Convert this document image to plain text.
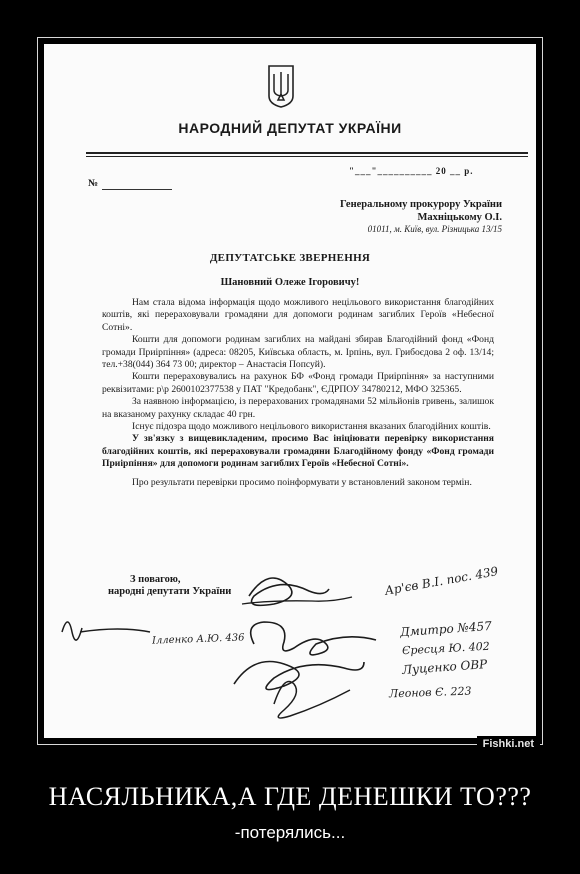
НАРОДНИЙ ДЕПУТАТ УКРАЇНИ
№
"___"__________ 20 __ р.
Генеральному прокурору України
Махніцькому О.І.
01011, м. Київ, вул. Різницька 13/15
ДЕПУТАТСЬКЕ ЗВЕРНЕННЯ
Шановний Олеже Ігоровичу!

Нам стала відома інформація щодо можливого нецільового використання благодійних коштів, які перераховували громадяни для допомоги родинам загиблих Героїв «Небесної Сотні».

Кошти для допомоги родинам загиблих на майдані збирав Благодійний фонд «Фонд громади Приірпіння» (адреса: 08205, Київська область, м. Ірпінь, вул. Грибоєдова 2 оф. 13/14; тел.+38(044) 364 73 00; директор – Анастасія Попсуй).

Кошти перераховувались на рахунок БФ «Фонд громади Приірпіння» за наступними реквізитами: р\р 2600102377538 у ПАТ "Кредобанк", ЄДРПОУ 34780212, МФО 325365.

За наявною інформацією, із перерахованих громадянами 52 мільйонів гривень, залишок на вказаному рахунку складає 40 грн.

Існує підозра щодо можливого нецільового використання вказаних благодійних коштів.

У зв'язку з вищевикладеним, просимо Вас ініціювати перевірку використання благодійних коштів, які перераховували громадяни Благодійному фонду «Фонд громади Приірпіння» для допомоги родинам загиблих Героїв «Небесної Сотні».

Про результати перевірки просимо поінформувати у встановлений законом термін.

З повагою,
народні депутати України	Ар'єв В.І. пос. 439
Ілленко А.Ю. 436
Дмитро №457
Єресця Ю. 402
Луценко ОВР
Леонов Є. 223
Fishki.net
НАСЯЛЬНИКА,А ГДЕ ДЕНЕШКИ ТО???
-потерялись...
